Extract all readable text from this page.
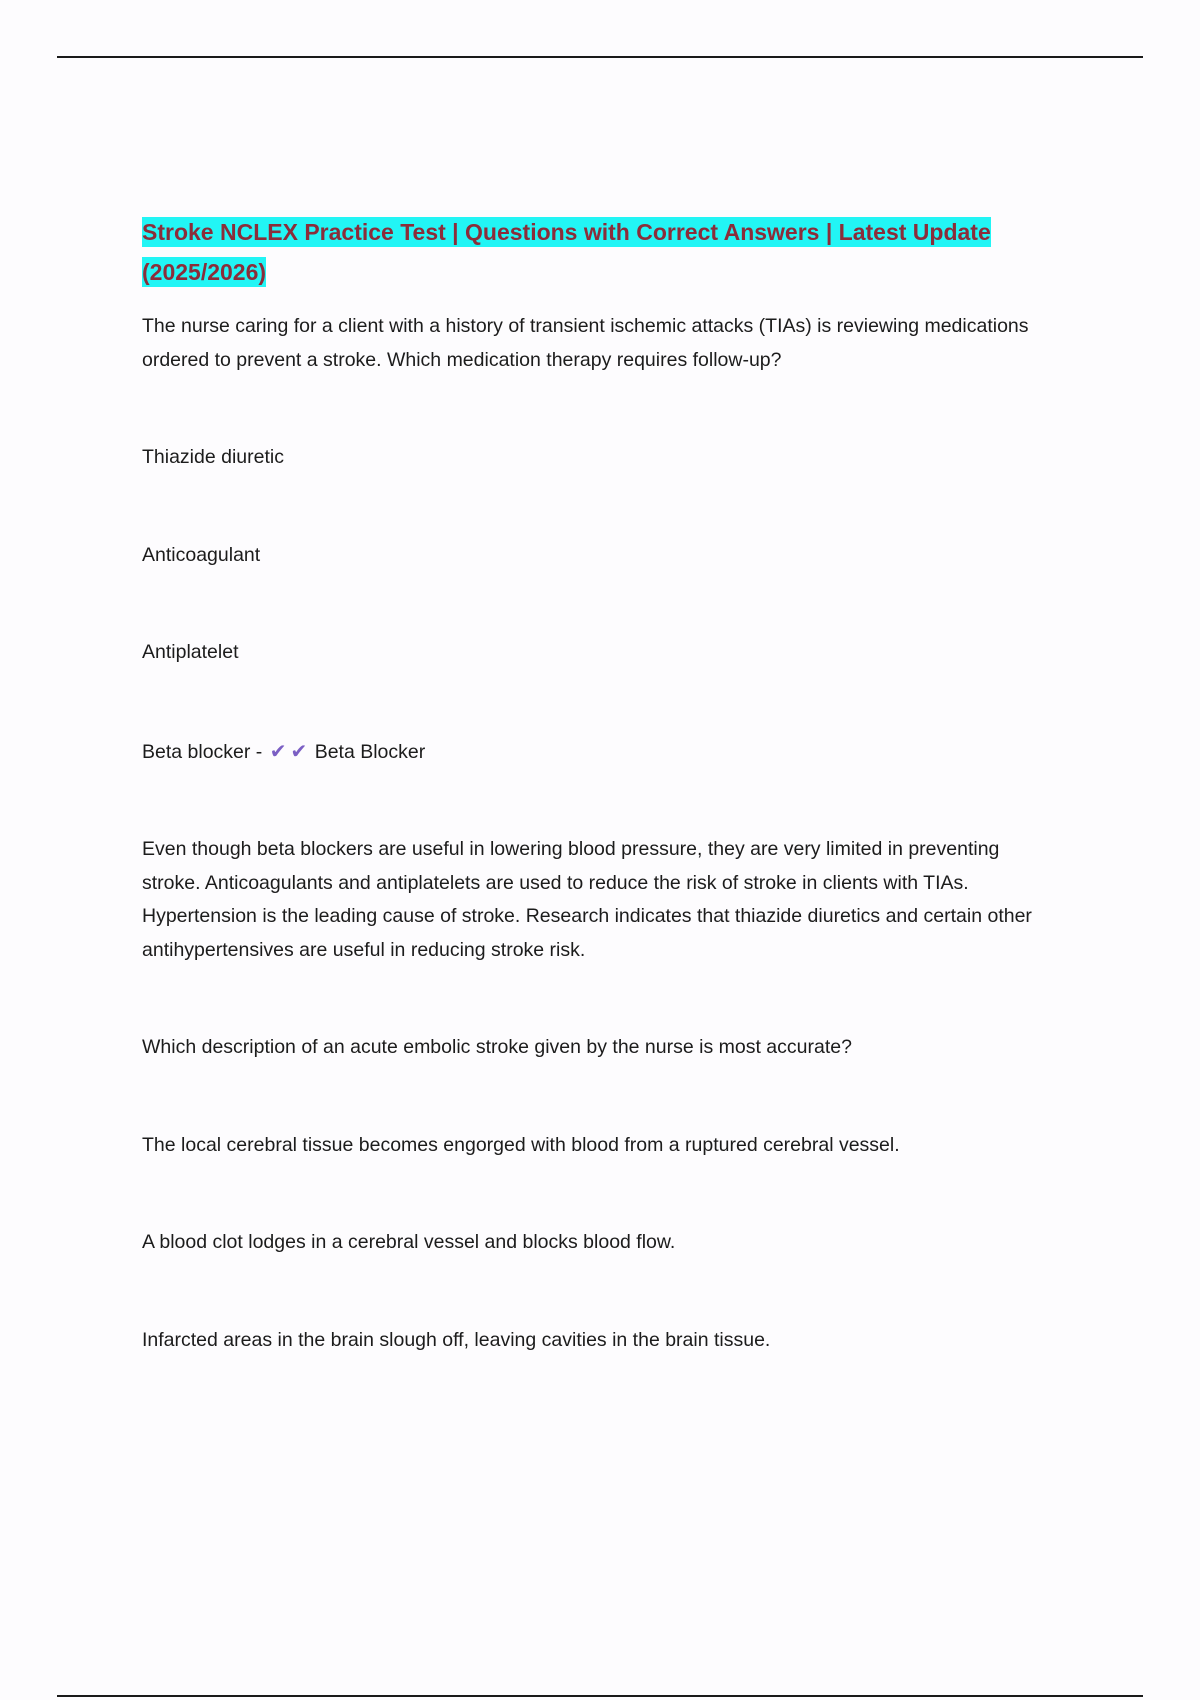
Stroke NCLEX Practice Test | Questions with Correct Answers | Latest Update (2025/2026)

The nurse caring for a client with a history of transient ischemic attacks (TIAs) is reviewing medications ordered to prevent a stroke. Which medication therapy requires follow-up?

Thiazide diuretic

Anticoagulant

Antiplatelet

Beta blocker - ✔ ✔ Beta Blocker

Even though beta blockers are useful in lowering blood pressure, they are very limited in preventing stroke. Anticoagulants and antiplatelets are used to reduce the risk of stroke in clients with TIAs. Hypertension is the leading cause of stroke. Research indicates that thiazide diuretics and certain other antihypertensives are useful in reducing stroke risk.

Which description of an acute embolic stroke given by the nurse is most accurate?

The local cerebral tissue becomes engorged with blood from a ruptured cerebral vessel.

A blood clot lodges in a cerebral vessel and blocks blood flow.

Infarcted areas in the brain slough off, leaving cavities in the brain tissue.
